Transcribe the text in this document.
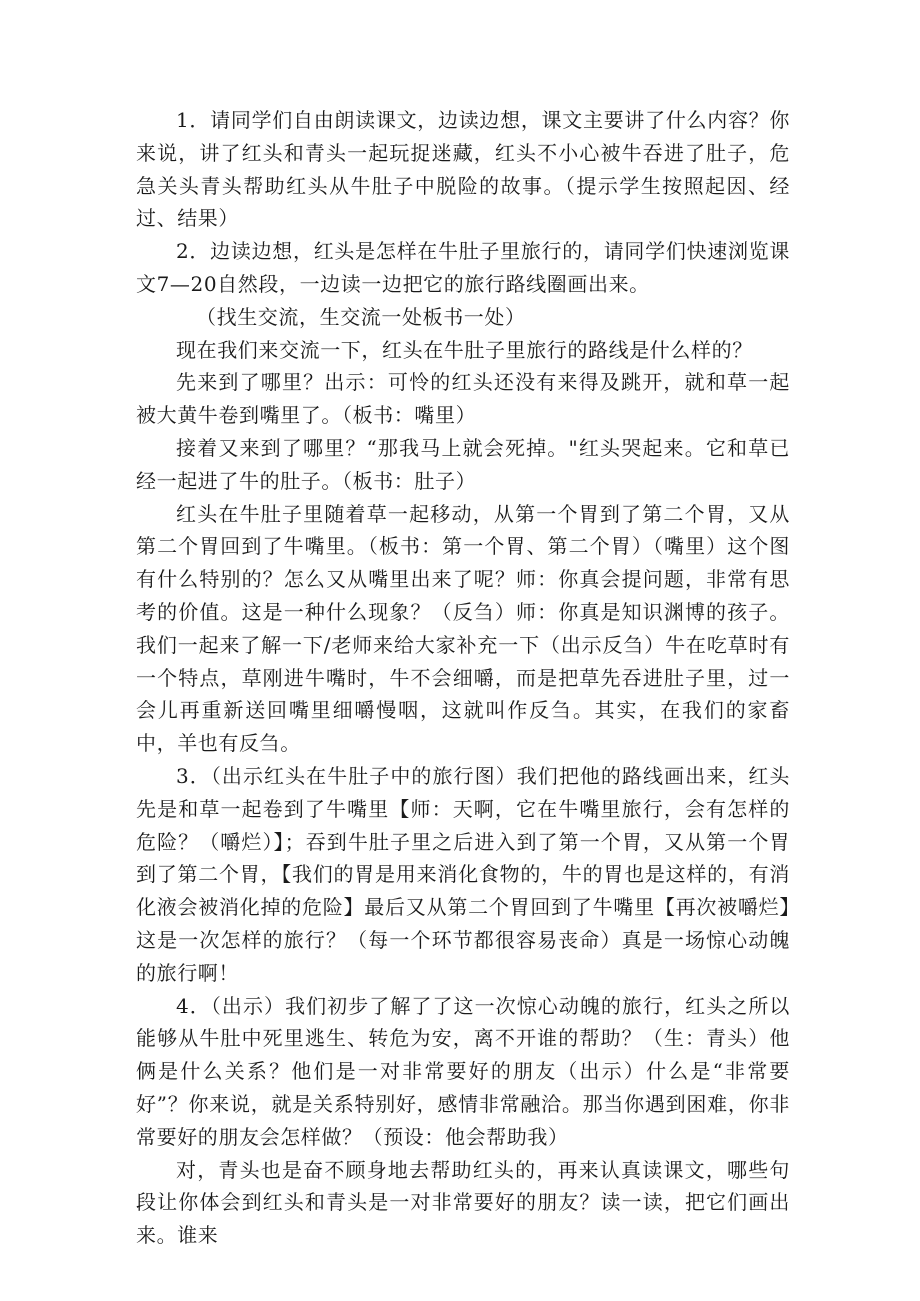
1．请同学们自由朗读课文，边读边想，课文主要讲了什么内容？你来说，讲了红头和青头一起玩捉迷藏，红头不小心被牛吞进了肚子，危急关头青头帮助红头从牛肚子中脱险的故事。（提示学生按照起因、经过、结果）

2．边读边想，红头是怎样在牛肚子里旅行的，请同学们快速浏览课文7—20自然段，一边读一边把它的旅行路线圈画出来。

（找生交流，生交流一处板书一处）

现在我们来交流一下，红头在牛肚子里旅行的路线是什么样的？

先来到了哪里？出示：可怜的红头还没有来得及跳开，就和草一起被大黄牛卷到嘴里了。（板书：嘴里）

接着又来到了哪里？“那我马上就会死掉。"红头哭起来。它和草已经一起进了牛的肚子。（板书：肚子）

红头在牛肚子里随着草一起移动，从第一个胃到了第二个胃，又从第二个胃回到了牛嘴里。（板书：第一个胃、第二个胃）（嘴里）这个图有什么特别的？怎么又从嘴里出来了呢？师：你真会提问题，非常有思考的价值。这是一种什么现象？（反刍）师：你真是知识渊博的孩子。我们一起来了解一下/老师来给大家补充一下（出示反刍）牛在吃草时有一个特点，草刚进牛嘴时，牛不会细嚼，而是把草先吞进肚子里，过一会儿再重新送回嘴里细嚼慢咽，这就叫作反刍。其实，在我们的家畜中，羊也有反刍。

3．（出示红头在牛肚子中的旅行图）我们把他的路线画出来，红头先是和草一起卷到了牛嘴里【师：天啊，它在牛嘴里旅行，会有怎样的危险？（嚼烂）】；吞到牛肚子里之后进入到了第一个胃，又从第一个胃到了第二个胃，【我们的胃是用来消化食物的，牛的胃也是这样的，有消化液会被消化掉的危险】最后又从第二个胃回到了牛嘴里【再次被嚼烂】这是一次怎样的旅行？（每一个环节都很容易丧命）真是一场惊心动魄的旅行啊！

4．（出示）我们初步了解了了这一次惊心动魄的旅行，红头之所以能够从牛肚中死里逃生、转危为安，离不开谁的帮助？（生：青头）他俩是什么关系？他们是一对非常要好的朋友（出示）什么是“非常要好”？你来说，就是关系特别好，感情非常融洽。那当你遇到困难，你非常要好的朋友会怎样做？（预设：他会帮助我）

对，青头也是奋不顾身地去帮助红头的，再来认真读课文，哪些句段让你体会到红头和青头是一对非常要好的朋友？读一读，把它们画出来。谁来
